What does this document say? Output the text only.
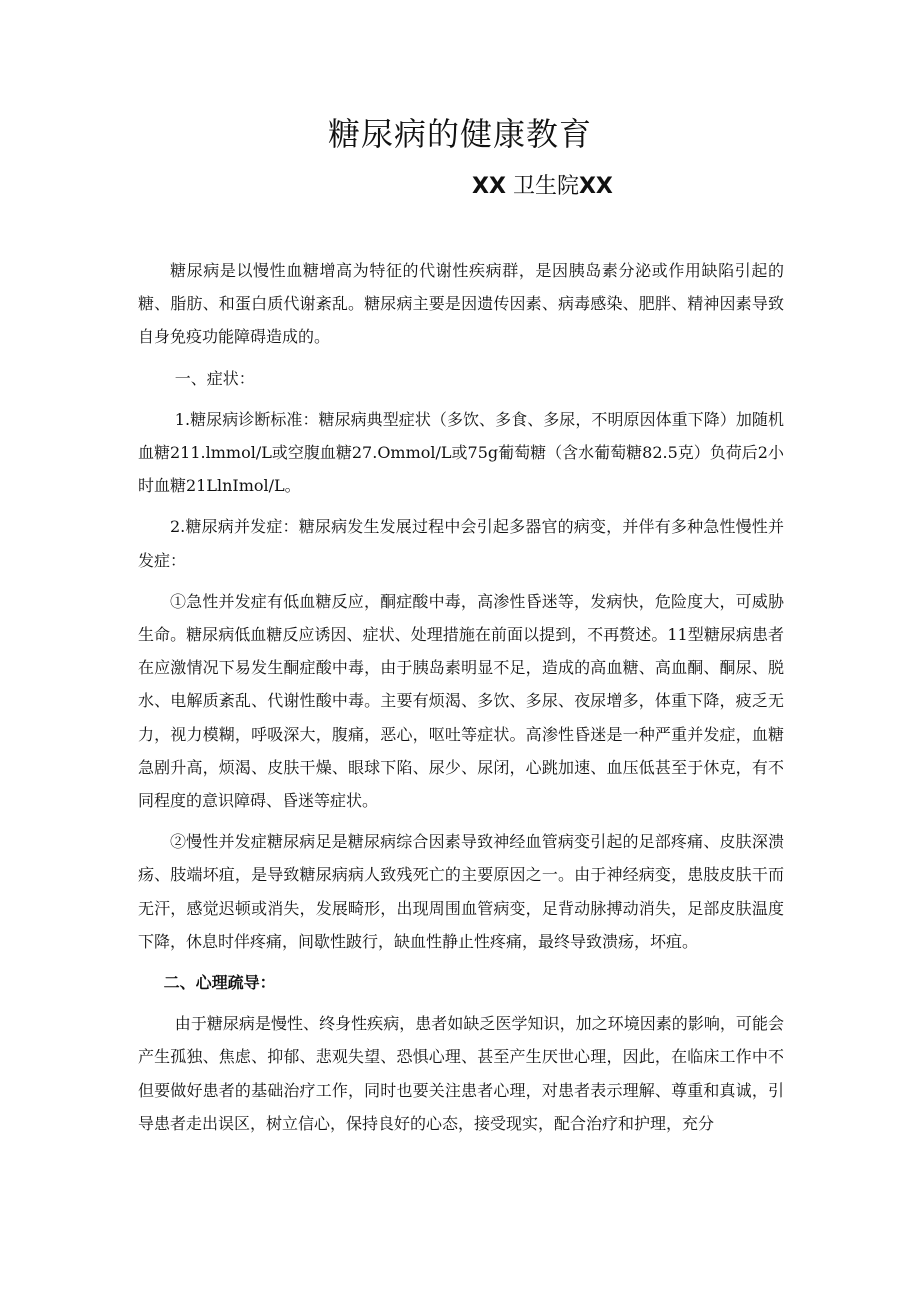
糖尿病的健康教育
XX 卫生院XX

糖尿病是以慢性血糖增高为特征的代谢性疾病群，是因胰岛素分泌或作用缺陷引起的糖、脂肪、和蛋白质代谢紊乱。糖尿病主要是因遗传因素、病毒感染、肥胖、精神因素导致自身免疫功能障碍造成的。

一、症状：

1.糖尿病诊断标准：糖尿病典型症状（多饮、多食、多尿，不明原因体重下降）加随机血糖211.lmmol/L或空腹血糖27.Ommol/L或75g葡萄糖（含水葡萄糖82.5克）负荷后2小时血糖21LlnImol/L。

2.糖尿病并发症：糖尿病发生发展过程中会引起多器官的病变，并伴有多种急性慢性并发症：

①急性并发症有低血糖反应，酮症酸中毒，高渗性昏迷等，发病快，危险度大，可威胁生命。糖尿病低血糖反应诱因、症状、处理措施在前面以提到，不再赘述。11型糖尿病患者在应激情况下易发生酮症酸中毒，由于胰岛素明显不足，造成的高血糖、高血酮、酮尿、脱水、电解质紊乱、代谢性酸中毒。主要有烦渴、多饮、多尿、夜尿增多，体重下降，疲乏无力，视力模糊，呼吸深大，腹痛，恶心，呕吐等症状。高渗性昏迷是一种严重并发症，血糖急剧升高，烦渴、皮肤干燥、眼球下陷、尿少、尿闭，心跳加速、血压低甚至于休克，有不同程度的意识障碍、昏迷等症状。

②慢性并发症糖尿病足是糖尿病综合因素导致神经血管病变引起的足部疼痛、皮肤深溃疡、肢端坏疽，是导致糖尿病病人致残死亡的主要原因之一。由于神经病变，患肢皮肤干而无汗，感觉迟顿或消失，发展畸形，出现周围血管病变，足背动脉搏动消失，足部皮肤温度下降，休息时伴疼痛，间歇性跛行，缺血性静止性疼痛，最终导致溃疡，坏疽。

二、心理疏导：

由于糖尿病是慢性、终身性疾病，患者如缺乏医学知识，加之环境因素的影响，可能会产生孤独、焦虑、抑郁、悲观失望、恐惧心理、甚至产生厌世心理，因此，在临床工作中不但要做好患者的基础治疗工作，同时也要关注患者心理，对患者表示理解、尊重和真诚，引导患者走出误区，树立信心，保持良好的心态，接受现实，配合治疗和护理，充分
